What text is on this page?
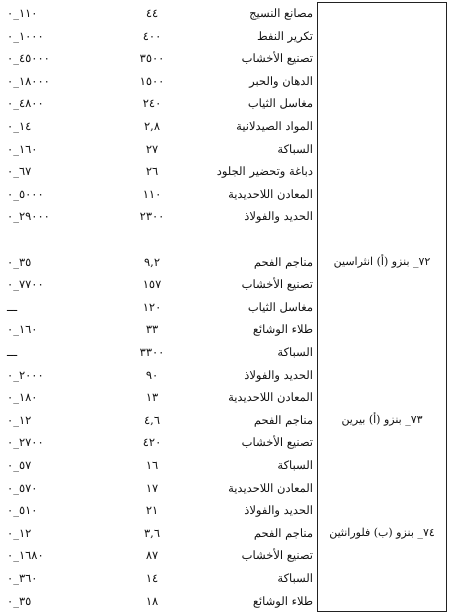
١١٠_٠	٤٤	مصانع النسيج
١٠٠٠_٠	٤٠٠	تكرير النفط
٤٥٠٠٠_٠	٣٥٠٠	تصنيع الأخشاب
١٨٠٠٠_٠	١٥٠٠	الدهان والحبر
٤٨٠٠_٠	٢٤٠	مغاسل الثياب
١٤_٠	٢,٨	المواد الصيدلانية
١٦٠_٠	٢٧	السباكة
٦٧_٠	٢٦	دباغة وتحضير الجلود
٥٠٠٠_٠	١١٠	المعادن اللاحديدية
٢٩٠٠٠_٠	٢٣٠٠	الحديد والفولاذ
٣٥_٠	٩,٢	مناجم الفحم	٧٢_ بنزو (أ) انثراسين
٧٧٠٠_٠	١٥٧	تصنيع الأخشاب
ـــ	١٢٠	مغاسل الثياب
١٦٠_٠	٣٣	طلاء الوشائع
ـــ	٣٣٠٠	السباكة
٢٠٠٠_٠	٩٠	الحديد والفولاذ
١٨٠_٠	١٣	المعادن اللاحديدية
١٢_٠	٤,٦	مناجم الفحم	٧٣_ بنزو (أ) بيرين
٢٧٠٠_٠	٤٢٠	تصنيع الأخشاب
٥٧_٠	١٦	السباكة
٥٧٠_٠	١٧	المعادن اللاحديدية
٥١٠_٠	٢١	الحديد والفولاذ
١٢_٠	٣,٦	مناجم الفحم	٧٤_ بنزو (ب) فلورانثين
١٦٨٠_٠	٨٧	تصنيع الأخشاب
٣٦٠_٠	١٤	السباكة
٣٥_٠	١٨	طلاء الوشائع
